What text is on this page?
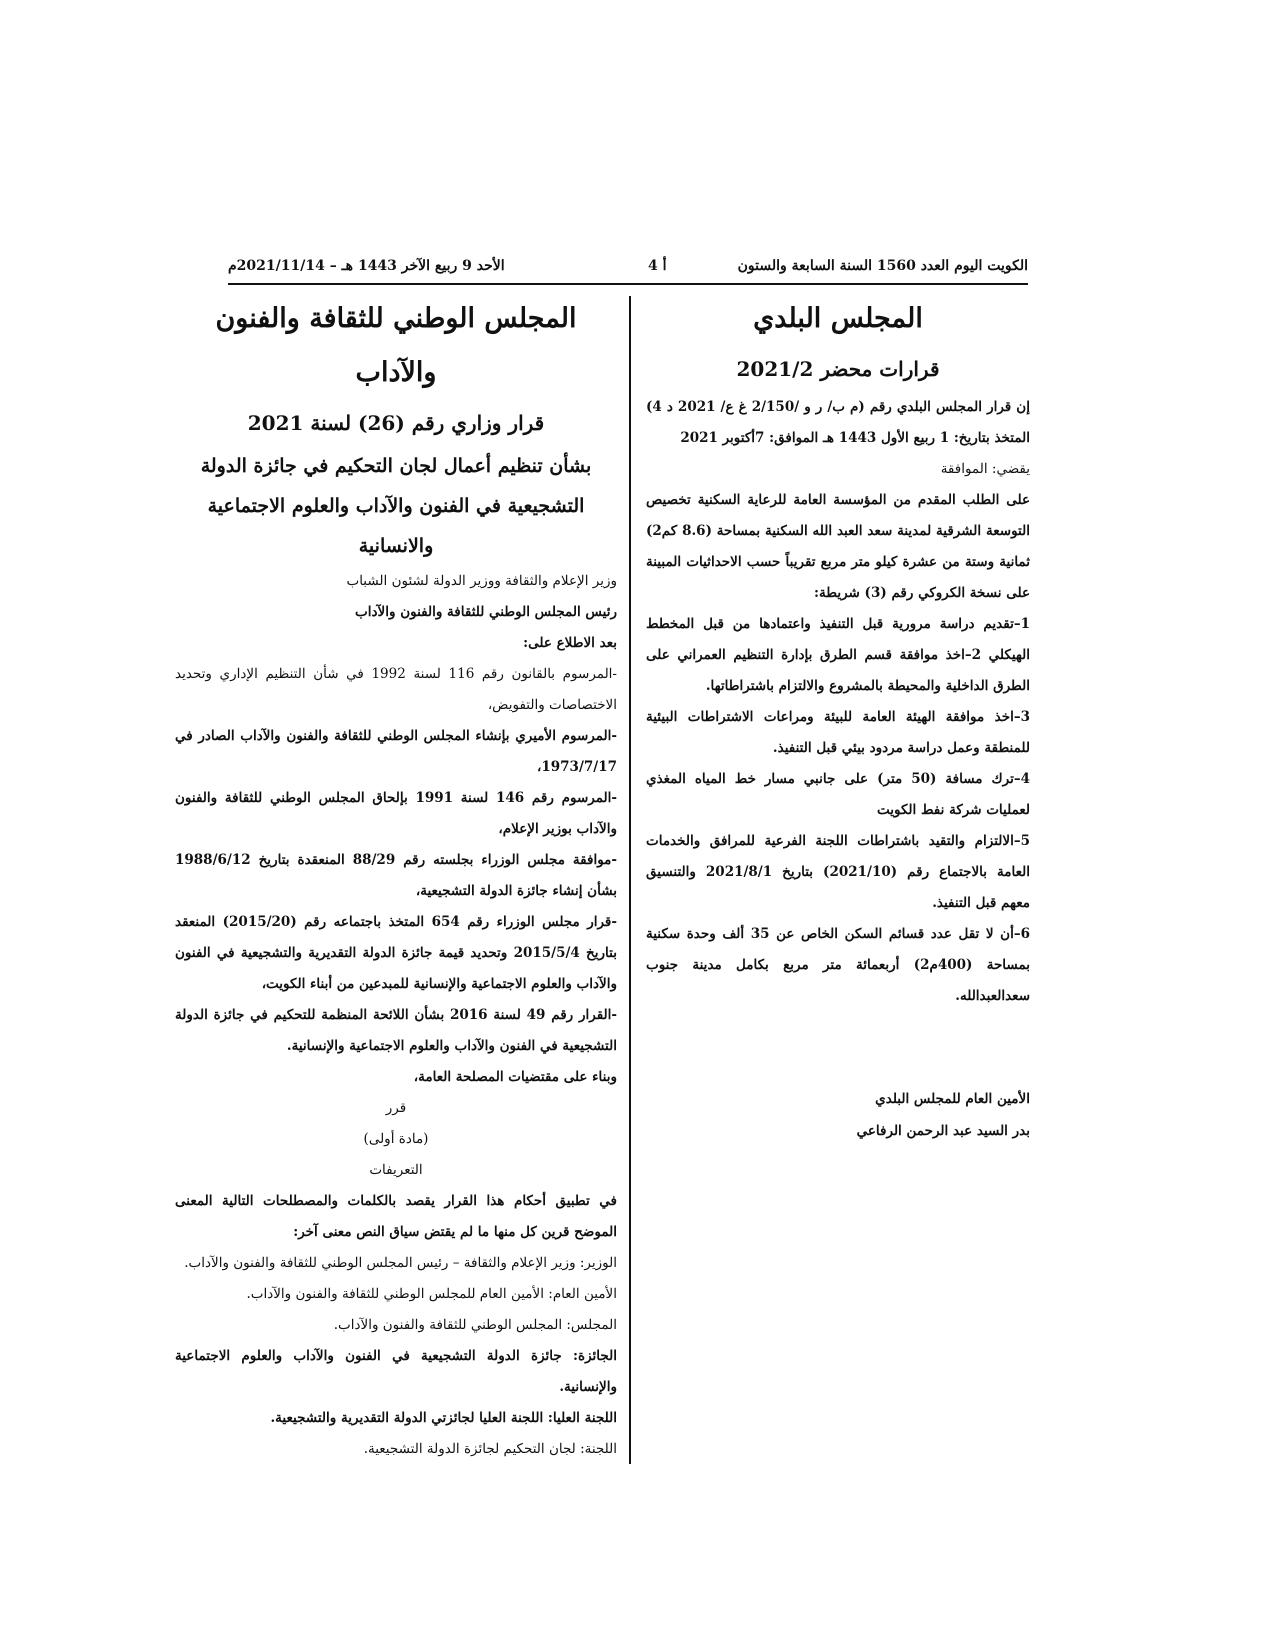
الأحد 9 ربيع الآخر 1443 هـ – 2021/11/14م	أ 4	الكويت اليوم العدد 1560 السنة السابعة والستون

المجلس البلدي

قرارات محضر 2021/2

إن قرار المجلس البلدي رقم (م ب/ ر و /2/150 غ ع/ 2021 د 4) المتخذ بتاريخ: 1 ربيع الأول 1443 هـ الموافق: 7أكتوبر 2021

يقضي: الموافقة

على الطلب المقدم من المؤسسة العامة للرعاية السكنية تخصيص التوسعة الشرقية لمدينة سعد العبد الله السكنية بمساحة (8.6 كم2) ثمانية وستة من عشرة كيلو متر مربع تقريباً حسب الاحداثيات المبينة على نسخة الكروكي رقم (3) شريطة:

1–تقديم دراسة مرورية قبل التنفيذ واعتمادها من قبل المخطط الهيكلي 2–اخذ موافقة قسم الطرق بإدارة التنظيم العمراني على الطرق الداخلية والمحيطة بالمشروع والالتزام باشتراطاتها.

3–اخذ موافقة الهيئة العامة للبيئة ومراعات الاشتراطات البيئية للمنطقة وعمل دراسة مردود بيئي قبل التنفيذ.

4–ترك مسافة (50 متر) على جانبي مسار خط المياه المغذي لعمليات شركة نفط الكويت

5–الالتزام والتقيد باشتراطات اللجنة الفرعية للمرافق والخدمات العامة بالاجتماع رقم (2021/10) بتاريخ 2021/8/1 والتنسيق معهم قبل التنفيذ.

6–أن لا تقل عدد قسائم السكن الخاص عن 35 ألف وحدة سكنية بمساحة (400م2) أربعمائة متر مربع بكامل مدينة جنوب سعدالعبدالله.

الأمين العام للمجلس البلدي

بدر السيد عبد الرحمن الرفاعي

المجلس الوطني للثقافة والفنون والآداب

قرار وزاري رقم (26) لسنة 2021

بشأن تنظيم أعمال لجان التحكيم في جائزة الدولة التشجيعية في الفنون والآداب والعلوم الاجتماعية والانسانية

وزير الإعلام والثقافة ووزير الدولة لشئون الشباب

رئيس المجلس الوطني للثقافة والفنون والآداب

بعد الاطلاع على:

-المرسوم بالقانون رقم 116 لسنة 1992 في شأن التنظيم الإداري وتحديد الاختصاصات والتفويض،

-المرسوم الأميري بإنشاء المجلس الوطني للثقافة والفنون والآداب الصادر في 1973/7/17،

-المرسوم رقم 146 لسنة 1991 بإلحاق المجلس الوطني للثقافة والفنون والآداب بوزير الإعلام،

-موافقة مجلس الوزراء بجلسته رقم 88/29 المنعقدة بتاريخ 1988/6/12 بشأن إنشاء جائزة الدولة التشجيعية،

-قرار مجلس الوزراء رقم 654 المتخذ باجتماعه رقم (2015/20) المنعقد بتاريخ 2015/5/4 وتحديد قيمة جائزة الدولة التقديرية والتشجيعية في الفنون والآداب والعلوم الاجتماعية والإنسانية للمبدعين من أبناء الكويت،

-القرار رقم 49 لسنة 2016 بشأن اللائحة المنظمة للتحكيم في جائزة الدولة التشجيعية في الفنون والآداب والعلوم الاجتماعية والإنسانية.

وبناء على مقتضيات المصلحة العامة،

قرر

(مادة أولى)

التعريفات

في تطبيق أحكام هذا القرار يقصد بالكلمات والمصطلحات التالية المعنى الموضح قرين كل منها ما لم يقتض سياق النص معنى آخر:

الوزير: وزير الإعلام والثقافة – رئيس المجلس الوطني للثقافة والفنون والآداب.

الأمين العام: الأمين العام للمجلس الوطني للثقافة والفنون والآداب.

المجلس: المجلس الوطني للثقافة والفنون والآداب.

الجائزة: جائزة الدولة التشجيعية في الفنون والآداب والعلوم الاجتماعية والإنسانية.

اللجنة العليا: اللجنة العليا لجائزتي الدولة التقديرية والتشجيعية.

اللجنة: لجان التحكيم لجائزة الدولة التشجيعية.
